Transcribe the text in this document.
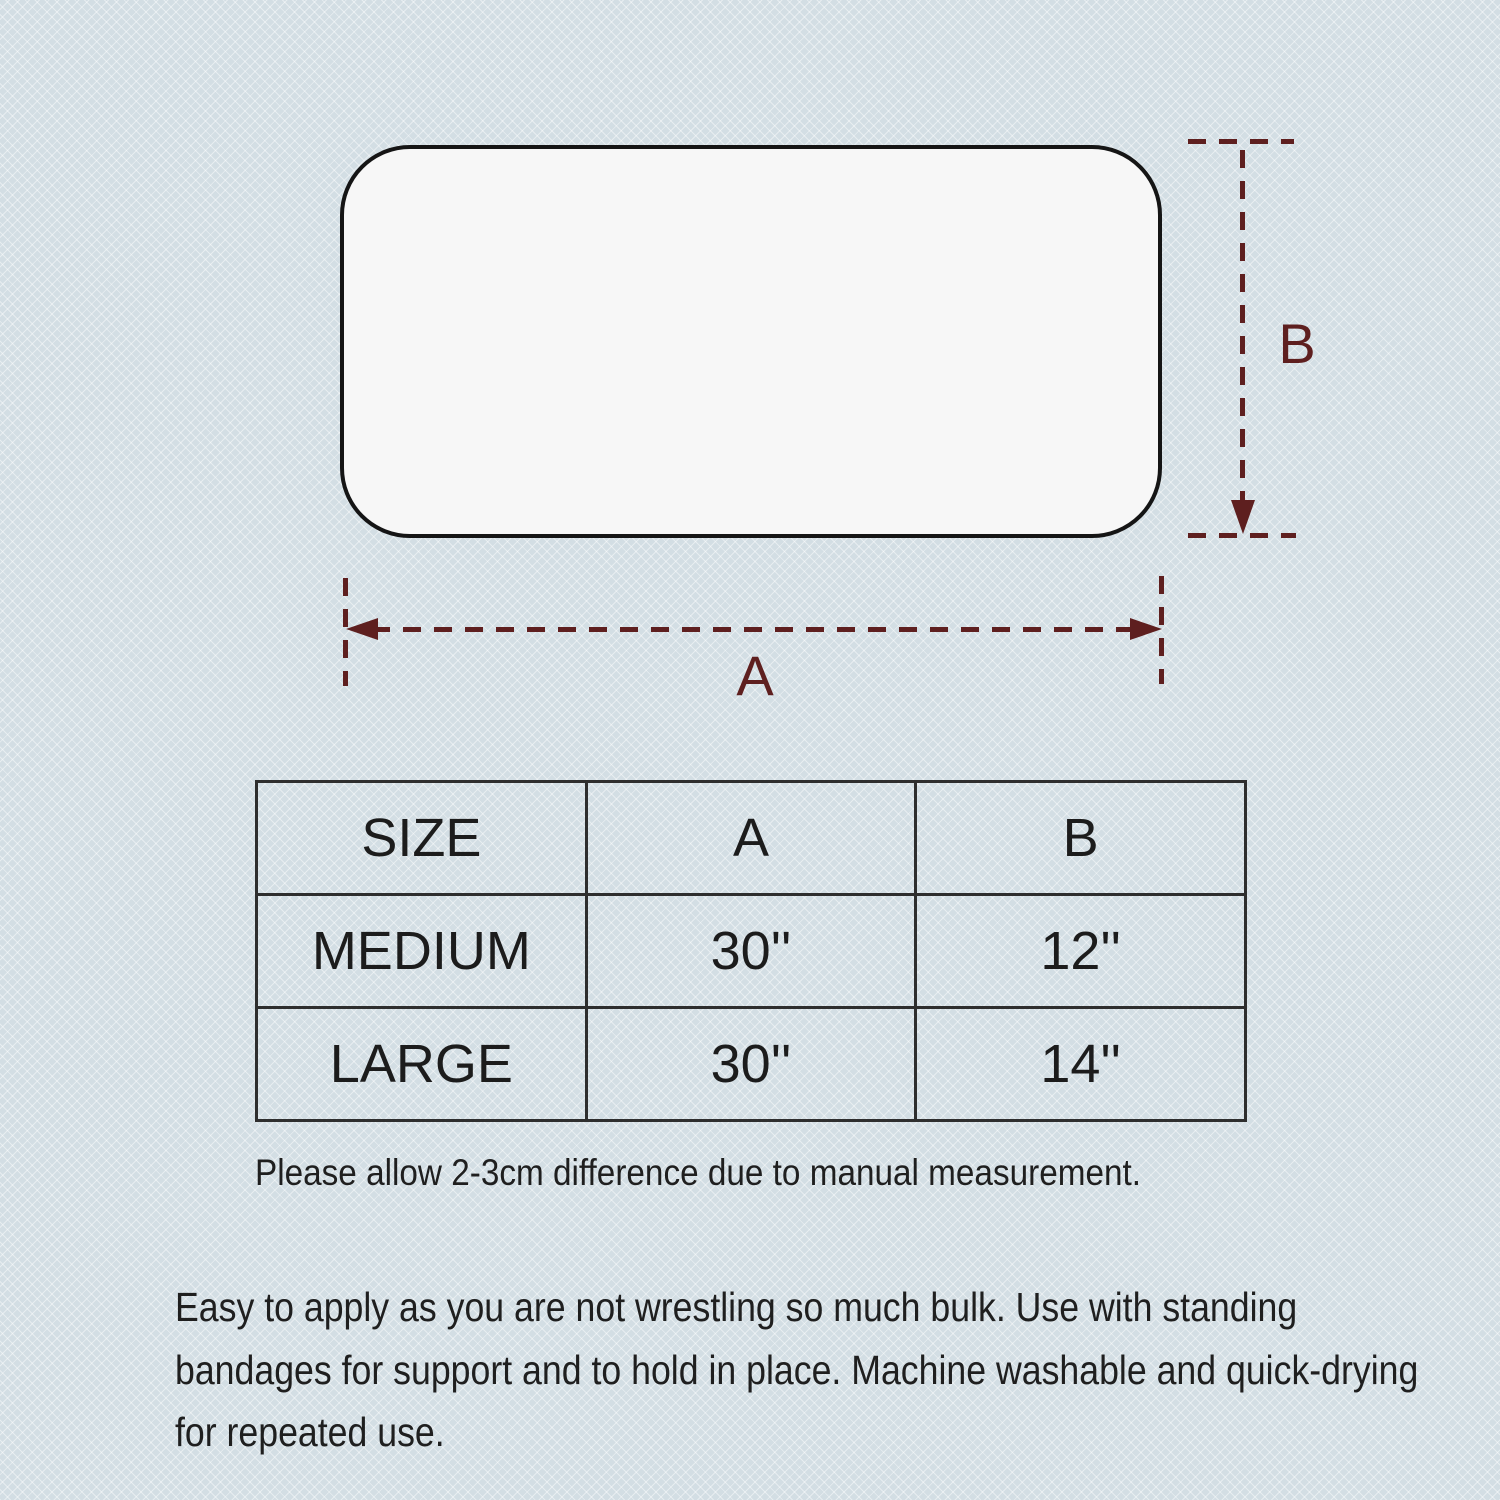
B
A
SIZE	A	B
MEDIUM	30''	12''
LARGE	30''	14''
Please allow 2-3cm difference due to manual measurement.
Easy to apply as you are not wrestling so much bulk. Use with standing bandages for support and to hold in place. Machine washable and quick-drying for repeated use.
